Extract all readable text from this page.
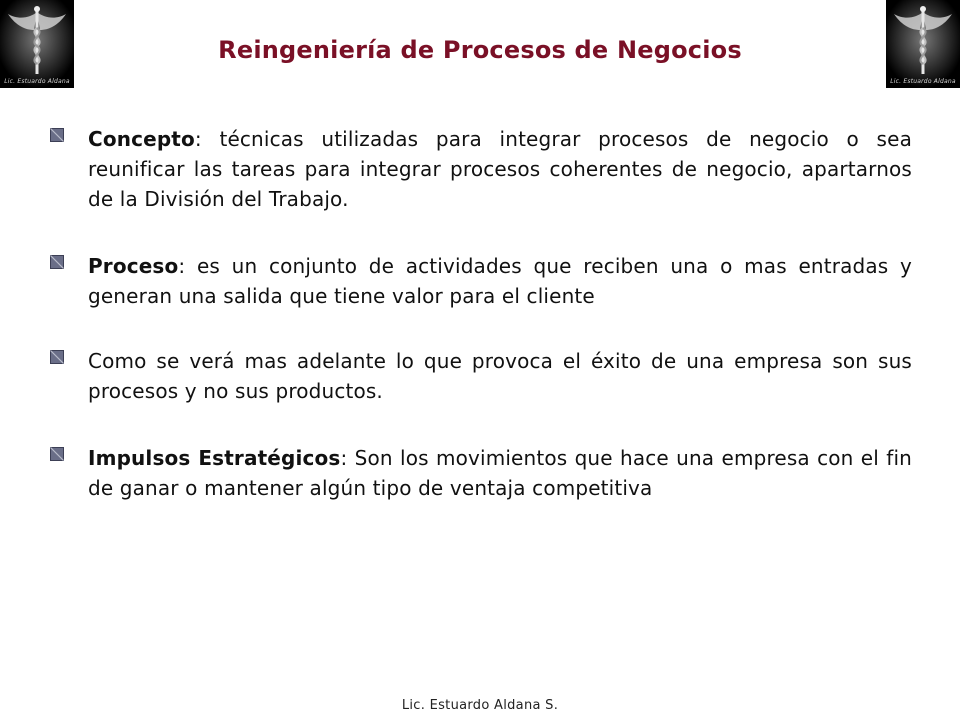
Lic. Estuardo Aldana	Lic. Estuardo Aldana
Reingeniería de Procesos de Negocios
Concepto: técnicas utilizadas para integrar procesos de negocio o sea reunificar las tareas para integrar procesos coherentes de negocio, apartarnos de la División del Trabajo.
Proceso: es un conjunto de actividades que reciben una o mas entradas y generan una salida que tiene valor para el cliente
Como se verá mas adelante lo que provoca el éxito de una empresa son sus procesos y no sus productos.
Impulsos Estratégicos: Son los movimientos que hace una empresa con el fin de ganar o mantener algún tipo de ventaja competitiva
Lic. Estuardo Aldana S.
